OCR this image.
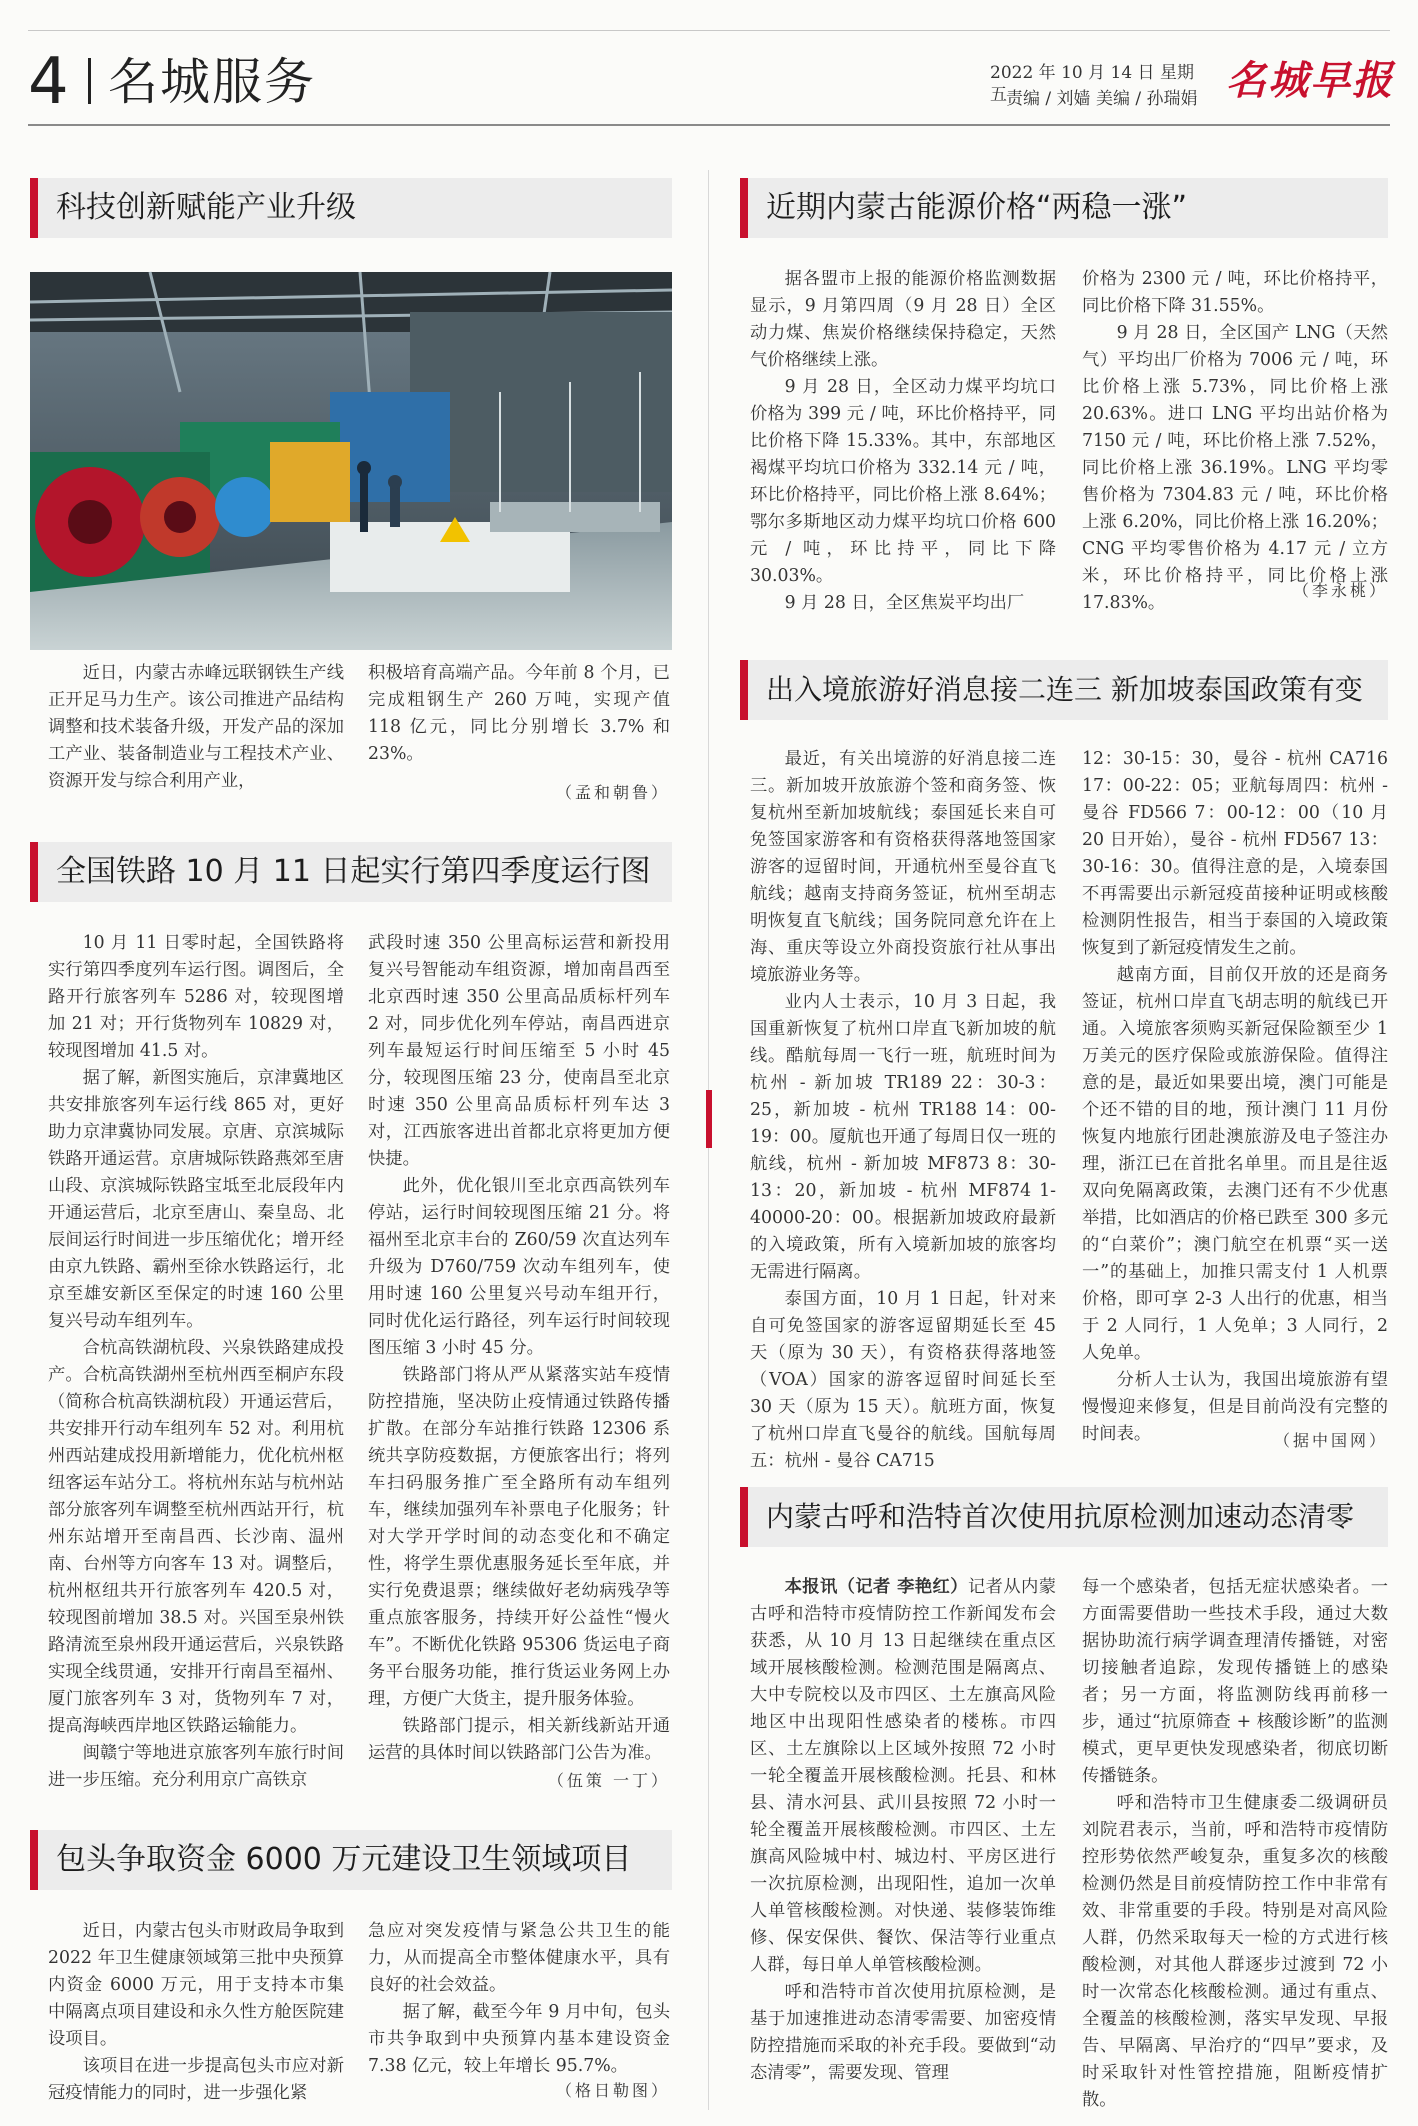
4 名城服务	2022 年 10 月 14 日 星期五 责编 / 刘嫱 美编 / 孙瑞娟 名城早报
科技创新赋能产业升级

近日，内蒙古赤峰远联钢铁生产线正开足马力生产。该公司推进产品结构调整和技术装备升级，开发产品的深加工产业、装备制造业与工程技术产业、资源开发与综合利用产业，

积极培育高端产品。今年前 8 个月，已完成粗钢生产 260 万吨，实现产值 118 亿元，同比分别增长 3.7% 和 23%。

（孟和朝鲁）
全国铁路 10 月 11 日起实行第四季度运行图

10 月 11 日零时起，全国铁路将实行第四季度列车运行图。调图后，全路开行旅客列车 5286 对，较现图增加 21 对；开行货物列车 10829 对，较现图增加 41.5 对。

据了解，新图实施后，京津冀地区共安排旅客列车运行线 865 对，更好助力京津冀协同发展。京唐、京滨城际铁路开通运营。京唐城际铁路燕郊至唐山段、京滨城际铁路宝坻至北辰段年内开通运营后，北京至唐山、秦皇岛、北辰间运行时间进一步压缩优化；增开经由京九铁路、霸州至徐水铁路运行，北京至雄安新区至保定的时速 160 公里复兴号动车组列车。

合杭高铁湖杭段、兴泉铁路建成投产。合杭高铁湖州至杭州西至桐庐东段（简称合杭高铁湖杭段）开通运营后，共安排开行动车组列车 52 对。利用杭州西站建成投用新增能力，优化杭州枢纽客运车站分工。将杭州东站与杭州站部分旅客列车调整至杭州西站开行，杭州东站增开至南昌西、长沙南、温州南、台州等方向客车 13 对。调整后，杭州枢纽共开行旅客列车 420.5 对，较现图前增加 38.5 对。兴国至泉州铁路清流至泉州段开通运营后，兴泉铁路实现全线贯通，安排开行南昌至福州、厦门旅客列车 3 对，货物列车 7 对，提高海峡西岸地区铁路运输能力。

闽赣宁等地进京旅客列车旅行时间进一步压缩。充分利用京广高铁京

武段时速 350 公里高标运营和新投用复兴号智能动车组资源，增加南昌西至北京西时速 350 公里高品质标杆列车 2 对，同步优化列车停站，南昌西进京列车最短运行时间压缩至 5 小时 45 分，较现图压缩 23 分，使南昌至北京时速 350 公里高品质标杆列车达 3 对，江西旅客进出首都北京将更加方便快捷。

此外，优化银川至北京西高铁列车停站，运行时间较现图压缩 21 分。将福州至北京丰台的 Z60/59 次直达列车升级为 D760/759 次动车组列车，使用时速 160 公里复兴号动车组开行，同时优化运行路径，列车运行时间较现图压缩 3 小时 45 分。

铁路部门将从严从紧落实站车疫情防控措施，坚决防止疫情通过铁路传播扩散。在部分车站推行铁路 12306 系统共享防疫数据，方便旅客出行；将列车扫码服务推广至全路所有动车组列车，继续加强列车补票电子化服务；针对大学开学时间的动态变化和不确定性，将学生票优惠服务延长至年底，并实行免费退票；继续做好老幼病残孕等重点旅客服务，持续开好公益性“慢火车”。不断优化铁路 95306 货运电子商务平台服务功能，推行货运业务网上办理，方便广大货主，提升服务体验。

铁路部门提示，相关新线新站开通运营的具体时间以铁路部门公告为准。

（伍策 一丁）
包头争取资金 6000 万元建设卫生领域项目

近日，内蒙古包头市财政局争取到 2022 年卫生健康领域第三批中央预算内资金 6000 万元，用于支持本市集中隔离点项目建设和永久性方舱医院建设项目。

该项目在进一步提高包头市应对新冠疫情能力的同时，进一步强化紧

急应对突发疫情与紧急公共卫生的能力，从而提高全市整体健康水平，具有良好的社会效益。

据了解，截至今年 9 月中旬，包头市共争取到中央预算内基本建设资金 7.38 亿元，较上年增长 95.7%。

（格日勒图）
近期内蒙古能源价格“两稳一涨”

据各盟市上报的能源价格监测数据显示，9 月第四周（9 月 28 日）全区动力煤、焦炭价格继续保持稳定，天然气价格继续上涨。

9 月 28 日，全区动力煤平均坑口价格为 399 元 / 吨，环比价格持平，同比价格下降 15.33%。其中，东部地区褐煤平均坑口价格为 332.14 元 / 吨，环比价格持平，同比价格上涨 8.64%；鄂尔多斯地区动力煤平均坑口价格 600 元 / 吨，环比持平，同比下降 30.03%。

9 月 28 日，全区焦炭平均出厂

价格为 2300 元 / 吨，环比价格持平，同比价格下降 31.55%。

9 月 28 日，全区国产 LNG（天然气）平均出厂价格为 7006 元 / 吨，环比价格上涨 5.73%，同比价格上涨 20.63%。进口 LNG 平均出站价格为 7150 元 / 吨，环比价格上涨 7.52%，同比价格上涨 36.19%。LNG 平均零售价格为 7304.83 元 / 吨，环比价格上涨 6.20%，同比价格上涨 16.20%；CNG 平均零售价格为 4.17 元 / 立方米，环比价格持平，同比价格上涨 17.83%。

（李永桃）
出入境旅游好消息接二连三 新加坡泰国政策有变

最近，有关出境游的好消息接二连三。新加坡开放旅游个签和商务签、恢复杭州至新加坡航线；泰国延长来自可免签国家游客和有资格获得落地签国家游客的逗留时间，开通杭州至曼谷直飞航线；越南支持商务签证，杭州至胡志明恢复直飞航线；国务院同意允许在上海、重庆等设立外商投资旅行社从事出境旅游业务等。

业内人士表示，10 月 3 日起，我国重新恢复了杭州口岸直飞新加坡的航线。酷航每周一飞行一班，航班时间为杭州 - 新加坡 TR189 22：30-3：25，新加坡 - 杭州 TR188 14：00-19：00。厦航也开通了每周日仅一班的航线，杭州 - 新加坡 MF873 8：30-13：20，新加坡 - 杭州 MF874 1-40000-20：00。根据新加坡政府最新的入境政策，所有入境新加坡的旅客均无需进行隔离。

泰国方面，10 月 1 日起，针对来自可免签国家的游客逗留期延长至 45 天（原为 30 天），有资格获得落地签（VOA）国家的游客逗留时间延长至 30 天（原为 15 天）。航班方面，恢复了杭州口岸直飞曼谷的航线。国航每周五：杭州 - 曼谷 CA715

12：30-15：30，曼谷 - 杭州 CA716 17：00-22：05；亚航每周四：杭州 - 曼谷 FD566 7：00-12：00（10 月 20 日开始），曼谷 - 杭州 FD567 13：30-16：30。值得注意的是，入境泰国不再需要出示新冠疫苗接种证明或核酸检测阴性报告，相当于泰国的入境政策恢复到了新冠疫情发生之前。

越南方面，目前仅开放的还是商务签证，杭州口岸直飞胡志明的航线已开通。入境旅客须购买新冠保险额至少 1 万美元的医疗保险或旅游保险。值得注意的是，最近如果要出境，澳门可能是个还不错的目的地，预计澳门 11 月份恢复内地旅行团赴澳旅游及电子签注办理，浙江已在首批名单里。而且是往返双向免隔离政策，去澳门还有不少优惠举措，比如酒店的价格已跌至 300 多元的“白菜价”；澳门航空在机票“买一送一”的基础上，加推只需支付 1 人机票价格，即可享 2-3 人出行的优惠，相当于 2 人同行，1 人免单；3 人同行，2 人免单。

分析人士认为，我国出境旅游有望慢慢迎来修复，但是目前尚没有完整的时间表。	（据中国网）
内蒙古呼和浩特首次使用抗原检测加速动态清零

本报讯（记者 李艳红）记者从内蒙古呼和浩特市疫情防控工作新闻发布会获悉，从 10 月 13 日起继续在重点区域开展核酸检测。检测范围是隔离点、大中专院校以及市四区、土左旗高风险地区中出现阳性感染者的楼栋。市四区、土左旗除以上区域外按照 72 小时一轮全覆盖开展核酸检测。托县、和林县、清水河县、武川县按照 72 小时一轮全覆盖开展核酸检测。市四区、土左旗高风险城中村、城边村、平房区进行一次抗原检测，出现阳性，追加一次单人单管核酸检测。对快递、装修装饰维修、保安保供、餐饮、保洁等行业重点人群，每日单人单管核酸检测。

呼和浩特市首次使用抗原检测，是基于加速推进动态清零需要、加密疫情防控措施而采取的补充手段。要做到“动态清零”，需要发现、管理

每一个感染者，包括无症状感染者。一方面需要借助一些技术手段，通过大数据协助流行病学调查理清传播链，对密切接触者追踪，发现传播链上的感染者；另一方面，将监测防线再前移一步，通过“抗原筛查 + 核酸诊断”的监测模式，更早更快发现感染者，彻底切断传播链条。

呼和浩特市卫生健康委二级调研员刘院君表示，当前，呼和浩特市疫情防控形势依然严峻复杂，重复多次的核酸检测仍然是目前疫情防控工作中非常有效、非常重要的手段。特别是对高风险人群，仍然采取每天一检的方式进行核酸检测，对其他人群逐步过渡到 72 小时一次常态化核酸检测。通过有重点、全覆盖的核酸检测，落实早发现、早报告、早隔离、早治疗的“四早”要求，及时采取针对性管控措施，阻断疫情扩散。
